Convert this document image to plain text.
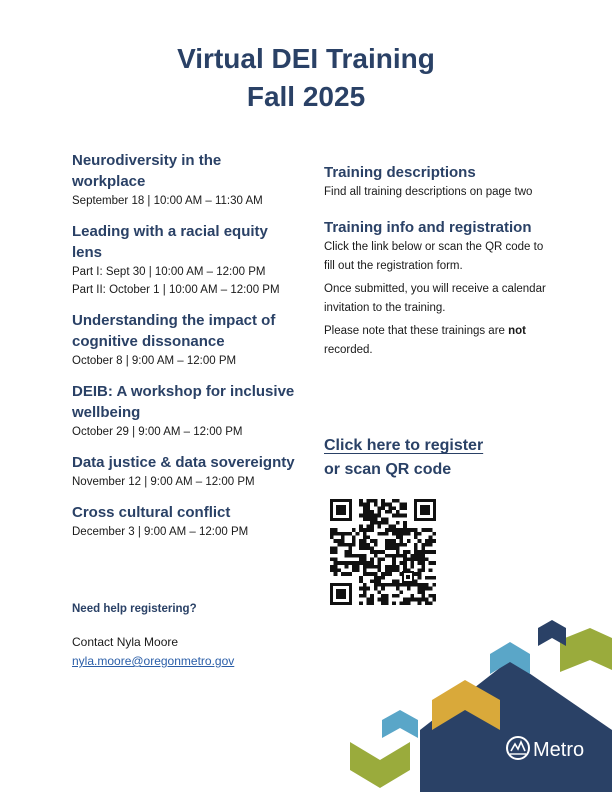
Virtual DEI Training
Fall 2025
Neurodiversity in the workplace
September 18 | 10:00 AM – 11:30 AM
Leading with a racial equity lens
Part I: Sept 30 | 10:00 AM – 12:00 PM
Part II: October 1 | 10:00 AM – 12:00 PM
Understanding the impact of cognitive dissonance
October 8 | 9:00 AM – 12:00 PM
DEIB: A workshop for inclusive wellbeing
October 29 | 9:00 AM – 12:00 PM
Data justice & data sovereignty
November 12 | 9:00 AM – 12:00 PM
Cross cultural conflict
December 3 | 9:00 AM – 12:00 PM
Training descriptions
Find all training descriptions on page two
Training info and registration
Click the link below or scan the QR code to fill out the registration form.
Once submitted, you will receive a calendar invitation to the training.
Please note that these trainings are not recorded.
Click here to register
or scan QR code
Need help registering?
Contact Nyla Moore
nyla.moore@oregonmetro.gov
Metro
